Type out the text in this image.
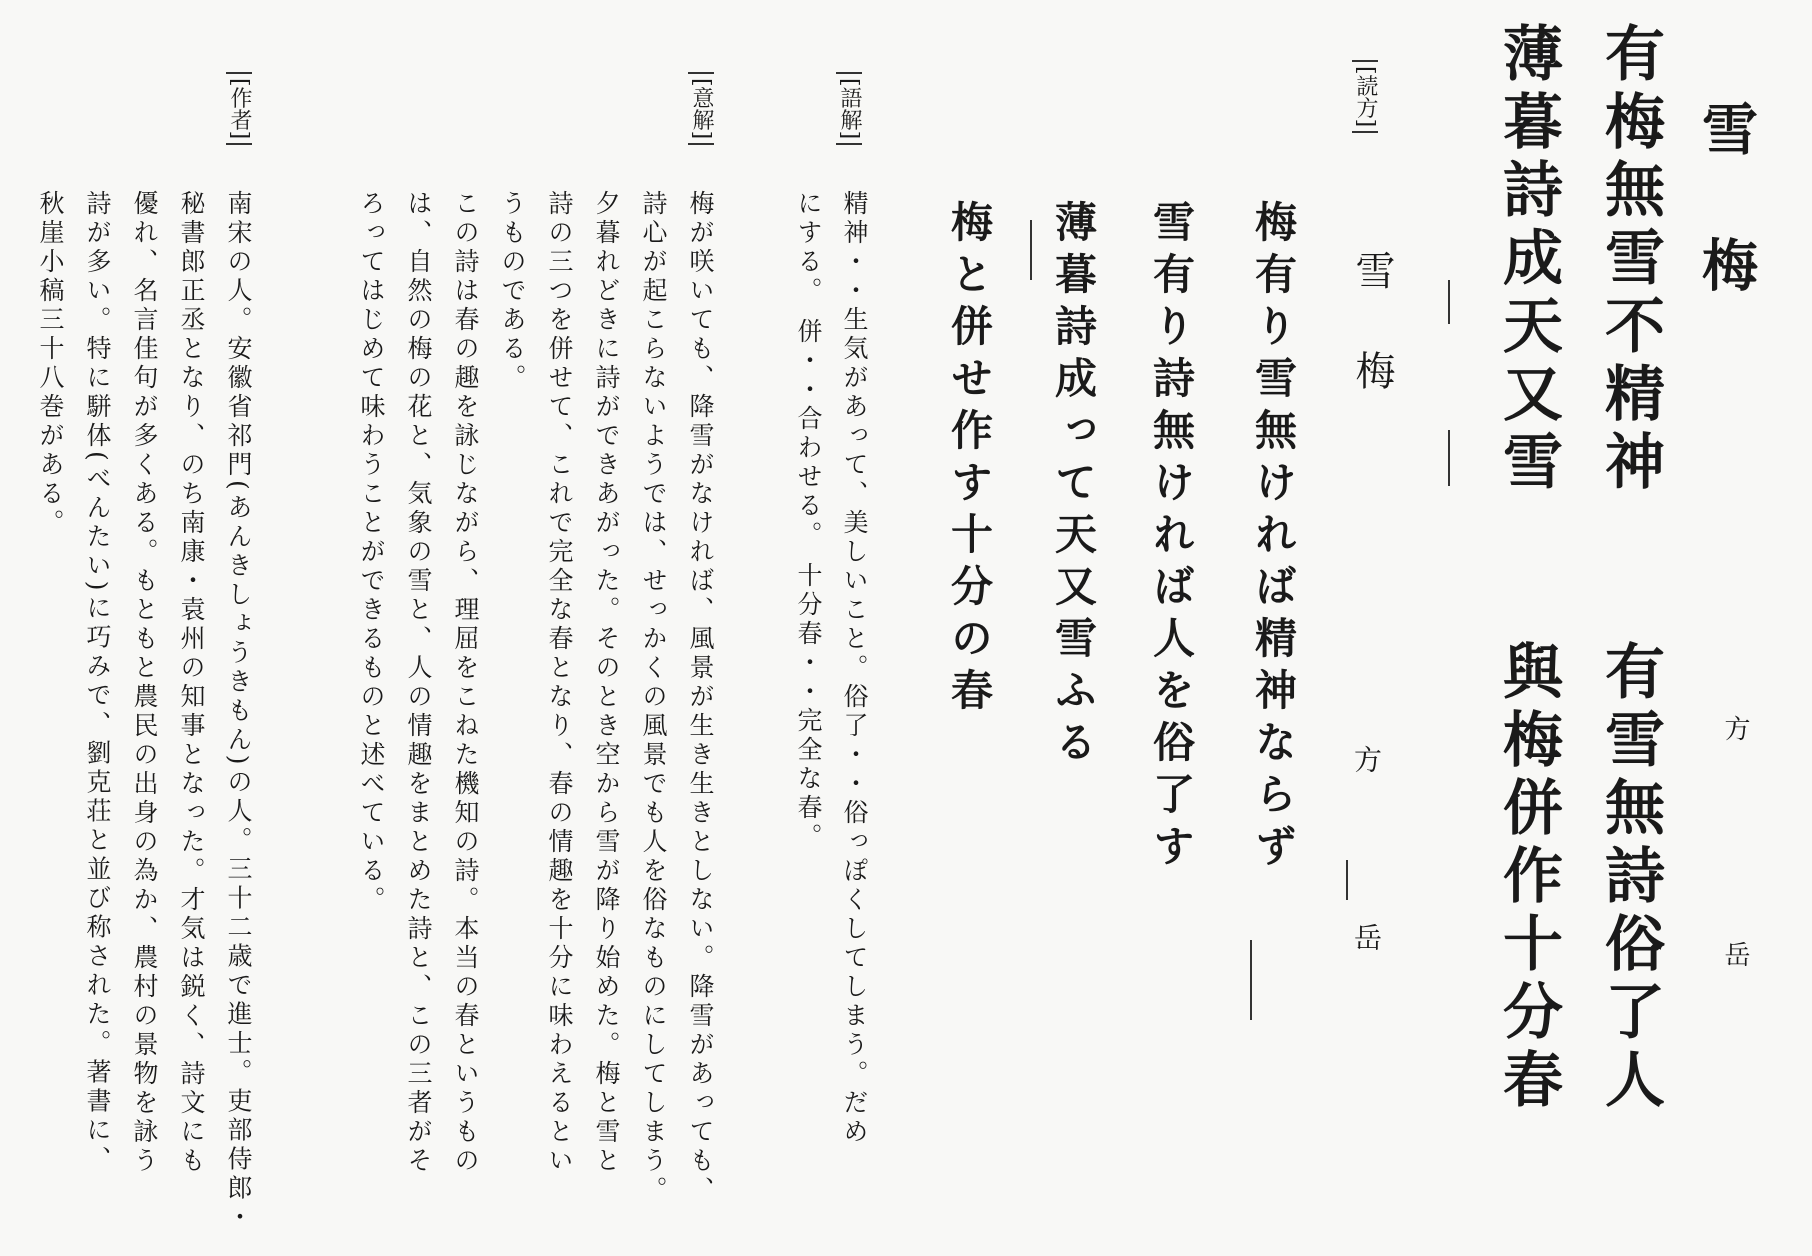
雪梅
方岳
有梅無雪不精神
有雪無詩俗了人
薄暮詩成天又雪
與梅併作十分春
[読方]
雪梅
方岳
梅有り雪無ければ精神ならず
雪有り詩無ければ人を俗了す
薄暮詩成って天又雪ふる
梅と併せ作す十分の春
[語解]
精神・・生気があって、美しいこと。俗了・・俗っぽくしてしまう。だめ
にする。 併・・合わせる。 十分春・・完全な春。
[意解]
梅が咲いても、降雪がなければ、風景が生き生きとしない。降雪があっても、
詩心が起こらないようでは、せっかくの風景でも人を俗なものにしてしまう。
夕暮れどきに詩ができあがった。そのとき空から雪が降り始めた。梅と雪と
詩の三つを併せて、これで完全な春となり、春の情趣を十分に味わえるとい
うものである。
この詩は春の趣を詠じながら、理屈をこねた機知の詩。本当の春というもの
は、自然の梅の花と、気象の雪と、人の情趣をまとめた詩と、この三者がそ
ろってはじめて味わうことができるものと述べている。
[作者]
南宋の人。安徽省祁門(あんきしょうきもん)の人。三十二歳で進士。吏部侍郎・
秘書郎正丞となり、のち南康・袁州の知事となった。才気は鋭く、詩文にも
優れ、名言佳句が多くある。もともと農民の出身の為か、農村の景物を詠う
詩が多い。特に駢体(べんたい)に巧みで、劉克荘と並び称された。著書に、
秋崖小稿三十八巻がある。
